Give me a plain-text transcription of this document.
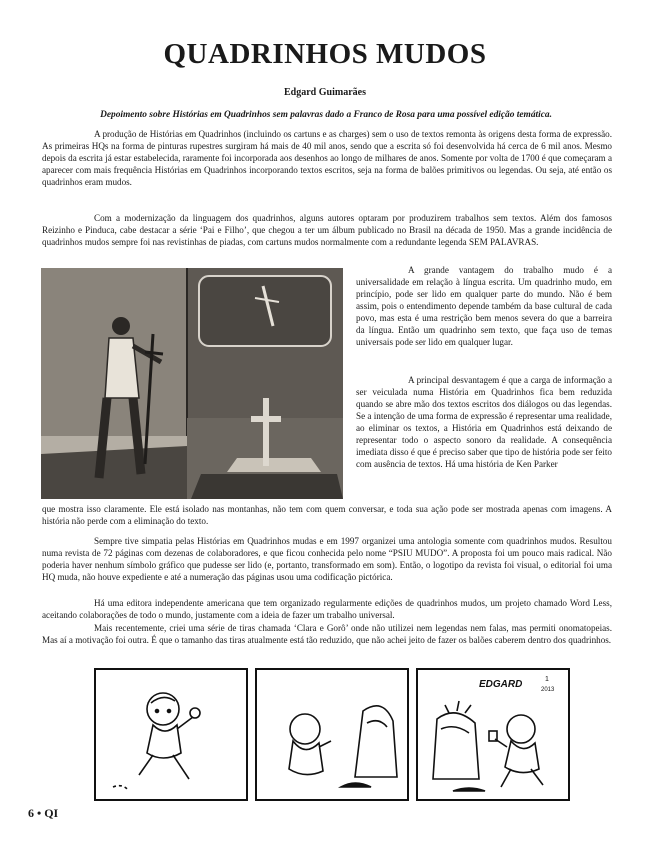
QUADRINHOS MUDOS
Edgard Guimarães
Depoimento sobre Histórias em Quadrinhos sem palavras dado a Franco de Rosa para uma possível edição temática.

A produção de Histórias em Quadrinhos (incluindo os cartuns e as charges) sem o uso de textos remonta às origens desta forma de expressão. As primeiras HQs na forma de pinturas rupestres surgiram há mais de 40 mil anos, sendo que a escrita só foi desenvolvida há cerca de 6 mil anos. Mesmo depois da escrita já estar estabelecida, raramente foi incorporada aos desenhos ao longo de milhares de anos. Somente por volta de 1700 é que começaram a aparecer com mais frequência Histórias em Quadrinhos incorporando textos escritos, seja na forma de balões primitivos ou legendas. Ou seja, até então os quadrinhos eram mudos.

Com a modernização da linguagem dos quadrinhos, alguns autores optaram por produzirem trabalhos sem textos. Além dos famosos Reizinho e Pinduca, cabe destacar a série ‘Pai e Filho’, que chegou a ter um álbum publicado no Brasil na década de 1950. Mas a grande incidência de quadrinhos mudos sempre foi nas revistinhas de piadas, com cartuns mudos normalmente com a redundante legenda SEM PALAVRAS.

A grande vantagem do trabalho mudo é a universalidade em relação à língua escrita. Um quadrinho mudo, em princípio, pode ser lido em qualquer parte do mundo. Não é bem assim, pois o entendimento depende também da base cultural de cada povo, mas esta é uma restrição bem menos severa do que a barreira da língua. Então um quadrinho sem texto, que faça uso de temas universais pode ser lido em qualquer lugar.

A principal desvantagem é que a carga de informação a ser veiculada numa História em Quadrinhos fica bem reduzida quando se abre mão dos textos escritos dos diálogos ou das legendas. Se a intenção de uma forma de expressão é representar uma realidade, ao eliminar os textos, a História em Quadrinhos está deixando de representar todo o aspecto sonoro da realidade. A consequência imediata disso é que é preciso saber que tipo de história pode ser feito com ausência de textos. Há uma história de Ken Parker

que mostra isso claramente. Ele está isolado nas montanhas, não tem com quem conversar, e toda sua ação pode ser mostrada apenas com imagens. A história não perde com a eliminação do texto.

Sempre tive simpatia pelas Histórias em Quadrinhos mudas e em 1997 organizei uma antologia somente com quadrinhos mudos. Resultou numa revista de 72 páginas com dezenas de colaboradores, e que ficou conhecida pelo nome “PSIU MUDO”. A proposta foi um pouco mais radical. Não poderia haver nenhum símbolo gráfico que pudesse ser lido (e, portanto, transformado em som). Então, o logotipo da revista foi visual, o editorial foi uma HQ muda, não houve expediente e até a numeração das páginas usou uma codificação pictórica.

Há uma editora independente americana que tem organizado regularmente edições de quadrinhos mudos, um projeto chamado Word Less, aceitando colaborações de todo o mundo, justamente com a ideia de fazer um trabalho universal.

Mais recentemente, criei uma série de tiras chamada ‘Clara e Gorô’ onde não utilizei nem legendas nem falas, mas permiti onomatopeias. Mas aí a motivação foi outra. É que o tamanho das tiras atualmente está tão reduzido, que não achei jeito de fazer os balões caberem dentro dos quadrinhos.

EDGARD	1
2013
6 • QI
